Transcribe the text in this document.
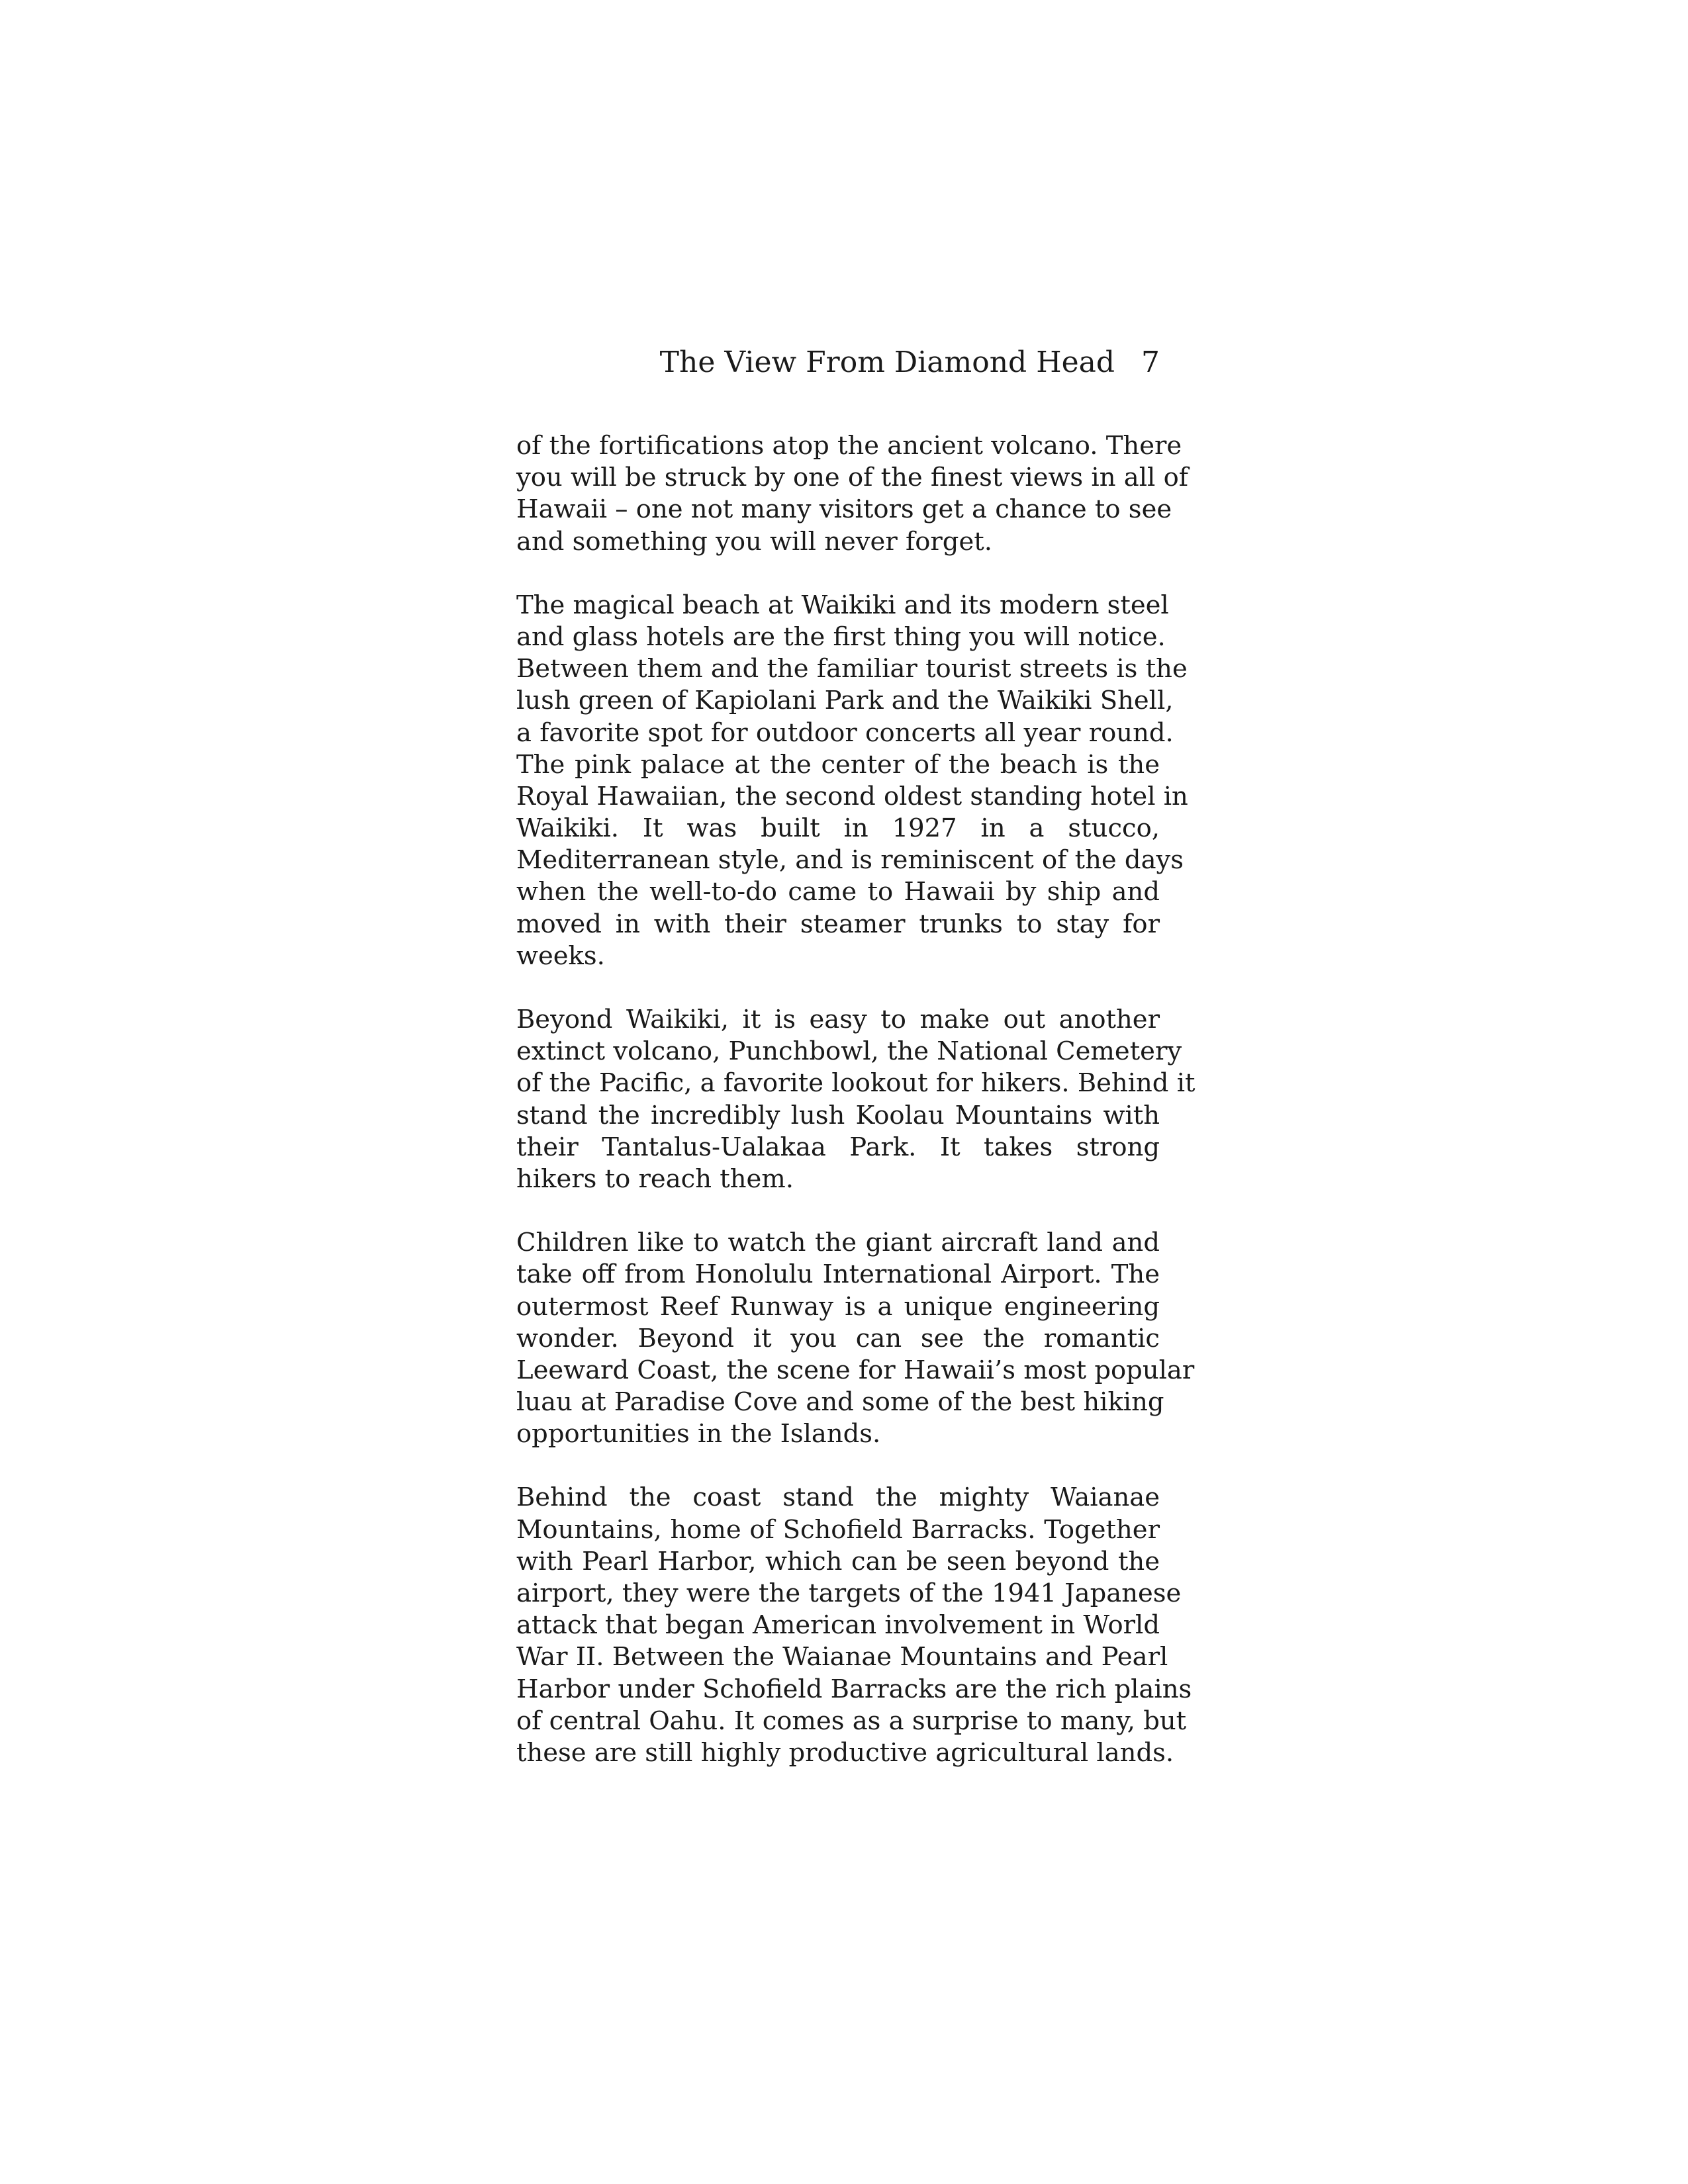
The View From Diamond Head 7

of the fortifications atop the ancient volcano. There
you will be struck by one of the finest views in all of
Hawaii – one not many visitors get a chance to see
and something you will never forget.

The magical beach at Waikiki and its modern steel
and glass hotels are the first thing you will notice.
Between them and the familiar tourist streets is the
lush green of Kapiolani Park and the Waikiki Shell,
a favorite spot for outdoor concerts all year round.
The pink palace at the center of the beach is the
Royal Hawaiian, the second oldest standing hotel in
Waikiki. It was built in 1927 in a stucco,
Mediterranean style, and is reminiscent of the days
when the well-to-do came to Hawaii by ship and
moved in with their steamer trunks to stay for
weeks.

Beyond Waikiki, it is easy to make out another
extinct volcano, Punchbowl, the National Cemetery
of the Pacific, a favorite lookout for hikers. Behind it
stand the incredibly lush Koolau Mountains with
their Tantalus-Ualakaa Park. It takes strong
hikers to reach them.

Children like to watch the giant aircraft land and
take off from Honolulu International Airport. The
outermost Reef Runway is a unique engineering
wonder. Beyond it you can see the romantic
Leeward Coast, the scene for Hawaii’s most popular
luau at Paradise Cove and some of the best hiking
opportunities in the Islands.

Behind the coast stand the mighty Waianae
Mountains, home of Schofield Barracks. Together
with Pearl Harbor, which can be seen beyond the
airport, they were the targets of the 1941 Japanese
attack that began American involvement in World
War II. Between the Waianae Mountains and Pearl
Harbor under Schofield Barracks are the rich plains
of central Oahu. It comes as a surprise to many, but
these are still highly productive agricultural lands.
